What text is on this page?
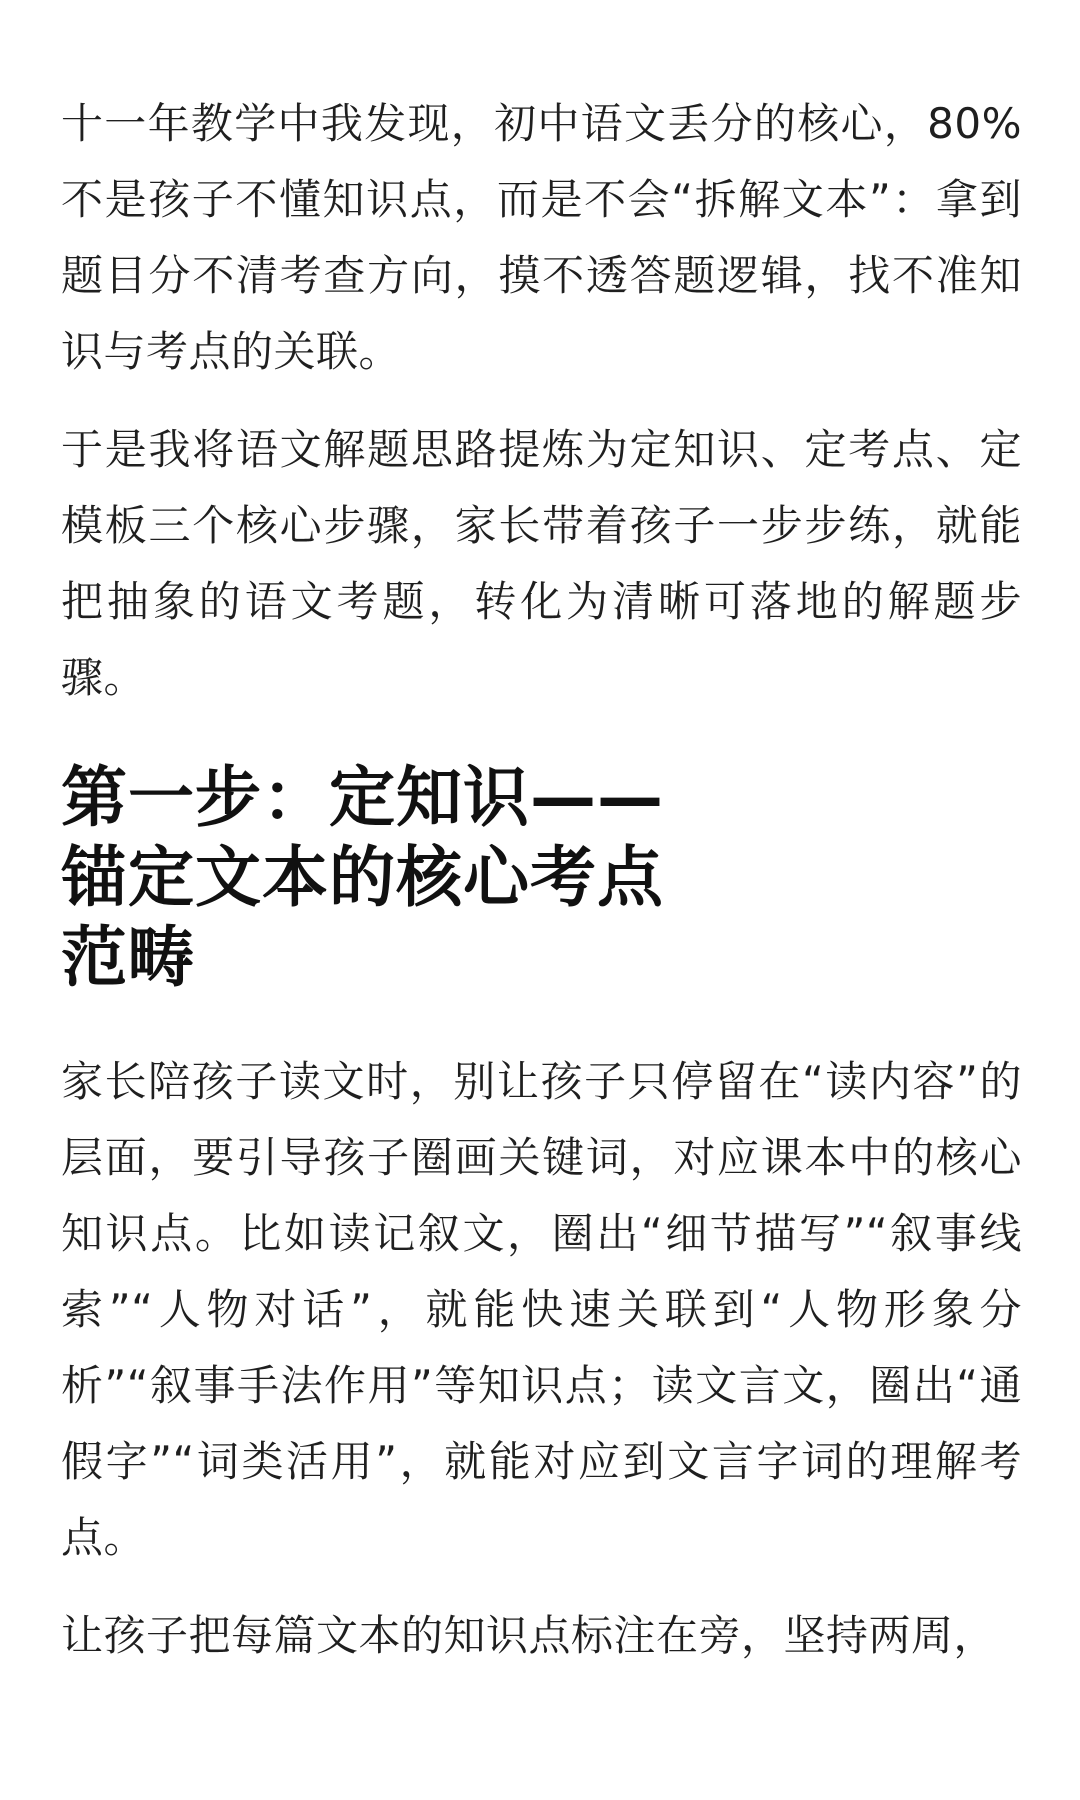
十一年教学中我发现，初中语文丢分的核心，80%不是孩子不懂知识点，而是不会“拆解文本”：拿到题目分不清考查方向，摸不透答题逻辑，找不准知识与考点的关联。

于是我将语文解题思路提炼为定知识、定考点、定模板三个核心步骤，家长带着孩子一步步练，就能把抽象的语文考题，转化为清晰可落地的解题步骤。

第一步：定知识——
锚定文本的核心考点
范畴

家长陪孩子读文时，别让孩子只停留在“读内容”的层面，要引导孩子圈画关键词，对应课本中的核心知识点。比如读记叙文，圈出“细节描写”“叙事线索”“人物对话”，就能快速关联到“人物形象分析”“叙事手法作用”等知识点；读文言文，圈出“通假字”“词类活用”，就能对应到文言字词的理解考点。

让孩子把每篇文本的知识点标注在旁，坚持两周，
